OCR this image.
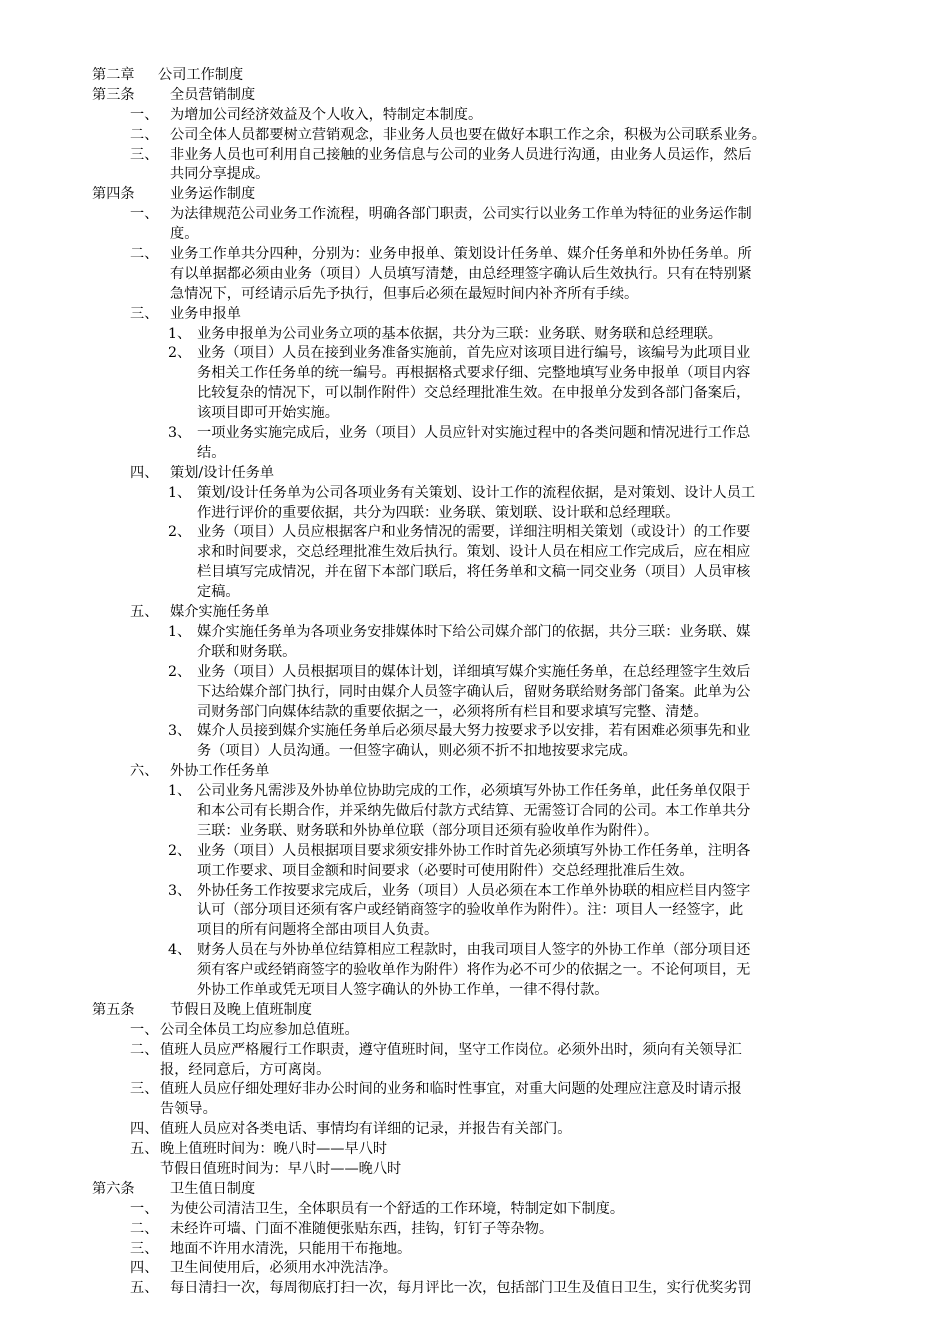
第二章 公司工作制度
第三条 全员营销制度
一、 为增加公司经济效益及个人收入，特制定本制度。
二、 公司全体人员都要树立营销观念，非业务人员也要在做好本职工作之余，积极为公司联系业务。
三、 非业务人员也可利用自己接触的业务信息与公司的业务人员进行沟通，由业务人员运作，然后
共同分享提成。
第四条 业务运作制度
一、 为法律规范公司业务工作流程，明确各部门职责，公司实行以业务工作单为特征的业务运作制
度。
二、 业务工作单共分四种，分别为：业务申报单、策划设计任务单、媒介任务单和外协任务单。所
有以单据都必须由业务（项目）人员填写清楚，由总经理签字确认后生效执行。只有在特别紧
急情况下，可经请示后先予执行，但事后必须在最短时间内补齐所有手续。
三、 业务申报单
1、 业务申报单为公司业务立项的基本依据，共分为三联：业务联、财务联和总经理联。
2、 业务（项目）人员在接到业务准备实施前，首先应对该项目进行编号，该编号为此项目业
务相关工作任务单的统一编号。再根据格式要求仔细、完整地填写业务申报单（项目内容
比较复杂的情况下，可以制作附件）交总经理批准生效。在申报单分发到各部门备案后，
该项目即可开始实施。
3、 一项业务实施完成后，业务（项目）人员应针对实施过程中的各类问题和情况进行工作总
结。
四、 策划/设计任务单
1、 策划/设计任务单为公司各项业务有关策划、设计工作的流程依据，是对策划、设计人员工
作进行评价的重要依据，共分为四联：业务联、策划联、设计联和总经理联。
2、 业务（项目）人员应根据客户和业务情况的需要，详细注明相关策划（或设计）的工作要
求和时间要求，交总经理批准生效后执行。策划、设计人员在相应工作完成后，应在相应
栏目填写完成情况，并在留下本部门联后，将任务单和文稿一同交业务（项目）人员审核
定稿。
五、 媒介实施任务单
1、 媒介实施任务单为各项业务安排媒体时下给公司媒介部门的依据，共分三联：业务联、媒
介联和财务联。
2、 业务（项目）人员根据项目的媒体计划，详细填写媒介实施任务单，在总经理签字生效后
下达给媒介部门执行，同时由媒介人员签字确认后，留财务联给财务部门备案。此单为公
司财务部门向媒体结款的重要依据之一，必须将所有栏目和要求填写完整、清楚。
3、 媒介人员接到媒介实施任务单后必须尽最大努力按要求予以安排，若有困难必须事先和业
务（项目）人员沟通。一但签字确认，则必须不折不扣地按要求完成。
六、 外协工作任务单
1、 公司业务凡需涉及外协单位协助完成的工作，必须填写外协工作任务单，此任务单仅限于
和本公司有长期合作，并采纳先做后付款方式结算、无需签订合同的公司。本工作单共分
三联：业务联、财务联和外协单位联（部分项目还须有验收单作为附件）。
2、 业务（项目）人员根据项目要求须安排外协工作时首先必须填写外协工作任务单，注明各
项工作要求、项目金额和时间要求（必要时可使用附件）交总经理批准后生效。
3、 外协任务工作按要求完成后，业务（项目）人员必须在本工作单外协联的相应栏目内签字
认可（部分项目还须有客户或经销商签字的验收单作为附件）。注：项目人一经签字，此
项目的所有问题将全部由项目人负责。
4、 财务人员在与外协单位结算相应工程款时，由我司项目人签字的外协工作单（部分项目还
须有客户或经销商签字的验收单作为附件）将作为必不可少的依据之一。不论何项目，无
外协工作单或凭无项目人签字确认的外协工作单，一律不得付款。
第五条 节假日及晚上值班制度
一、 公司全体员工均应参加总值班。
二、 值班人员应严格履行工作职责，遵守值班时间，坚守工作岗位。必须外出时，须向有关领导汇
报，经同意后，方可离岗。
三、 值班人员应仔细处理好非办公时间的业务和临时性事宜，对重大问题的处理应注意及时请示报
告领导。
四、 值班人员应对各类电话、事情均有详细的记录，并报告有关部门。
五、 晚上值班时间为：晚八时——早八时
节假日值班时间为：早八时——晚八时
第六条 卫生值日制度
一、 为使公司清洁卫生，全体职员有一个舒适的工作环境，特制定如下制度。
二、 未经许可墙、门面不准随便张贴东西，挂钩，钉钉子等杂物。
三、 地面不许用水清洗，只能用干布拖地。
四、 卫生间使用后，必须用水冲洗洁净。
五、 每日清扫一次，每周彻底打扫一次，每月评比一次，包括部门卫生及值日卫生，实行优奖劣罚
